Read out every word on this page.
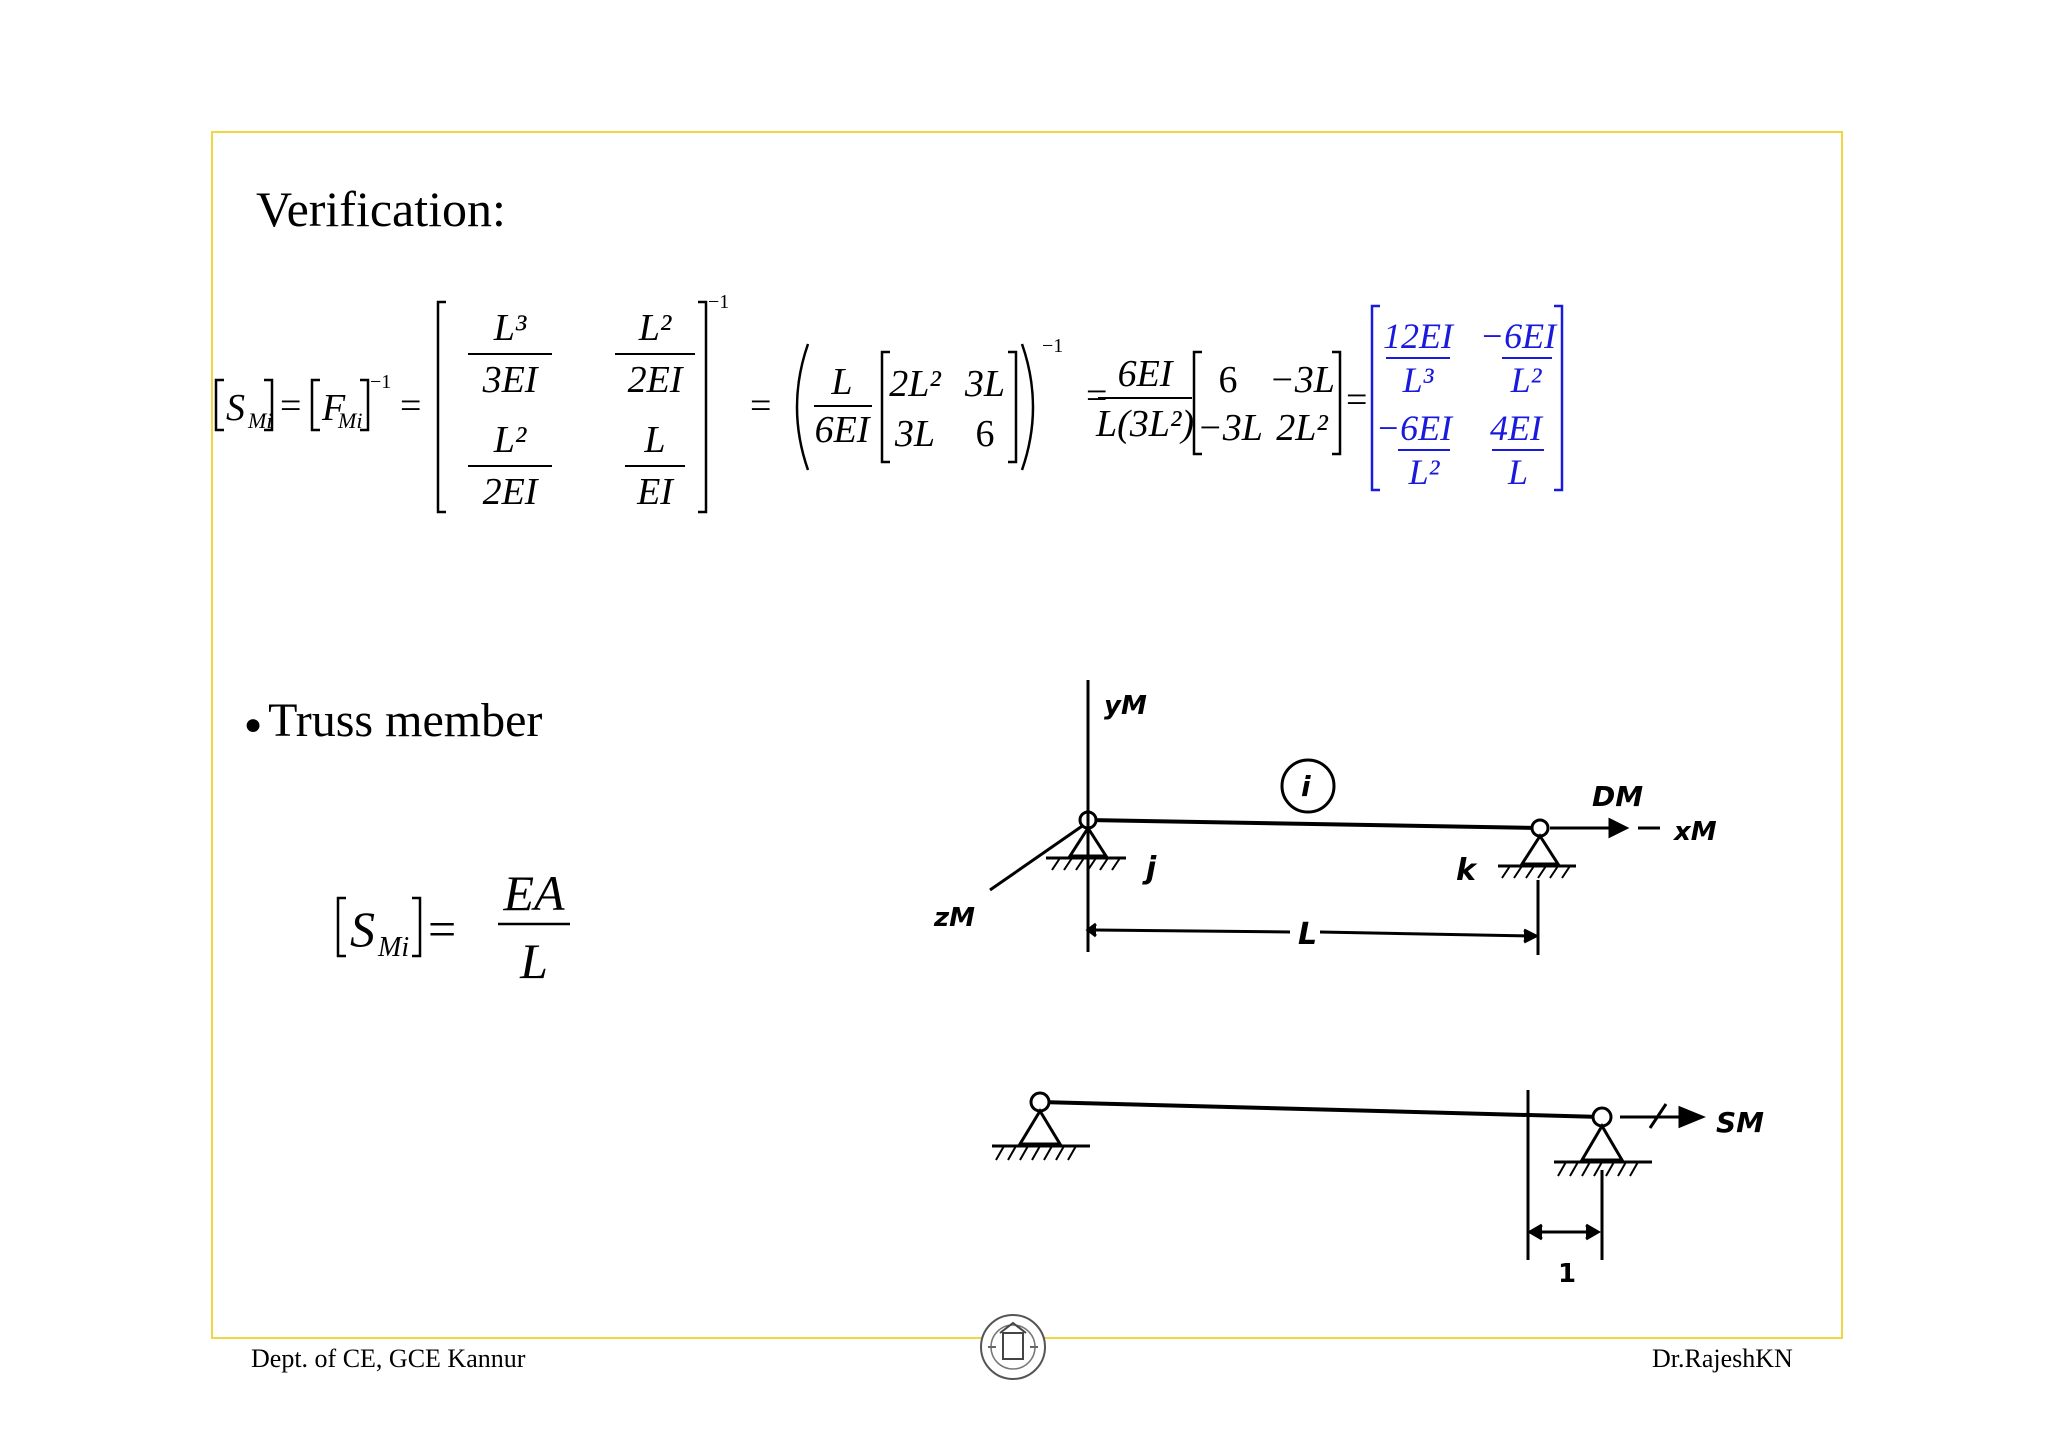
Verification:
S Mi = F
Mi
−1
=
−1
L³
3EI
L²
2EI
L²
2EI
L
EI
=
L
6EI
2L² 3L
3L 6
−1
=
6EI
L(3L²)
6 −3L
−3L 2L²
=
12EI
L³
−6EI
L²
−6EI
L²
4EI
L
● Truss member
S Mi =
EA
L
yM
xM
zM
i
j	k
DM
L
SM
1
Dept. of CE, GCE Kannur	Dr.RajeshKN
